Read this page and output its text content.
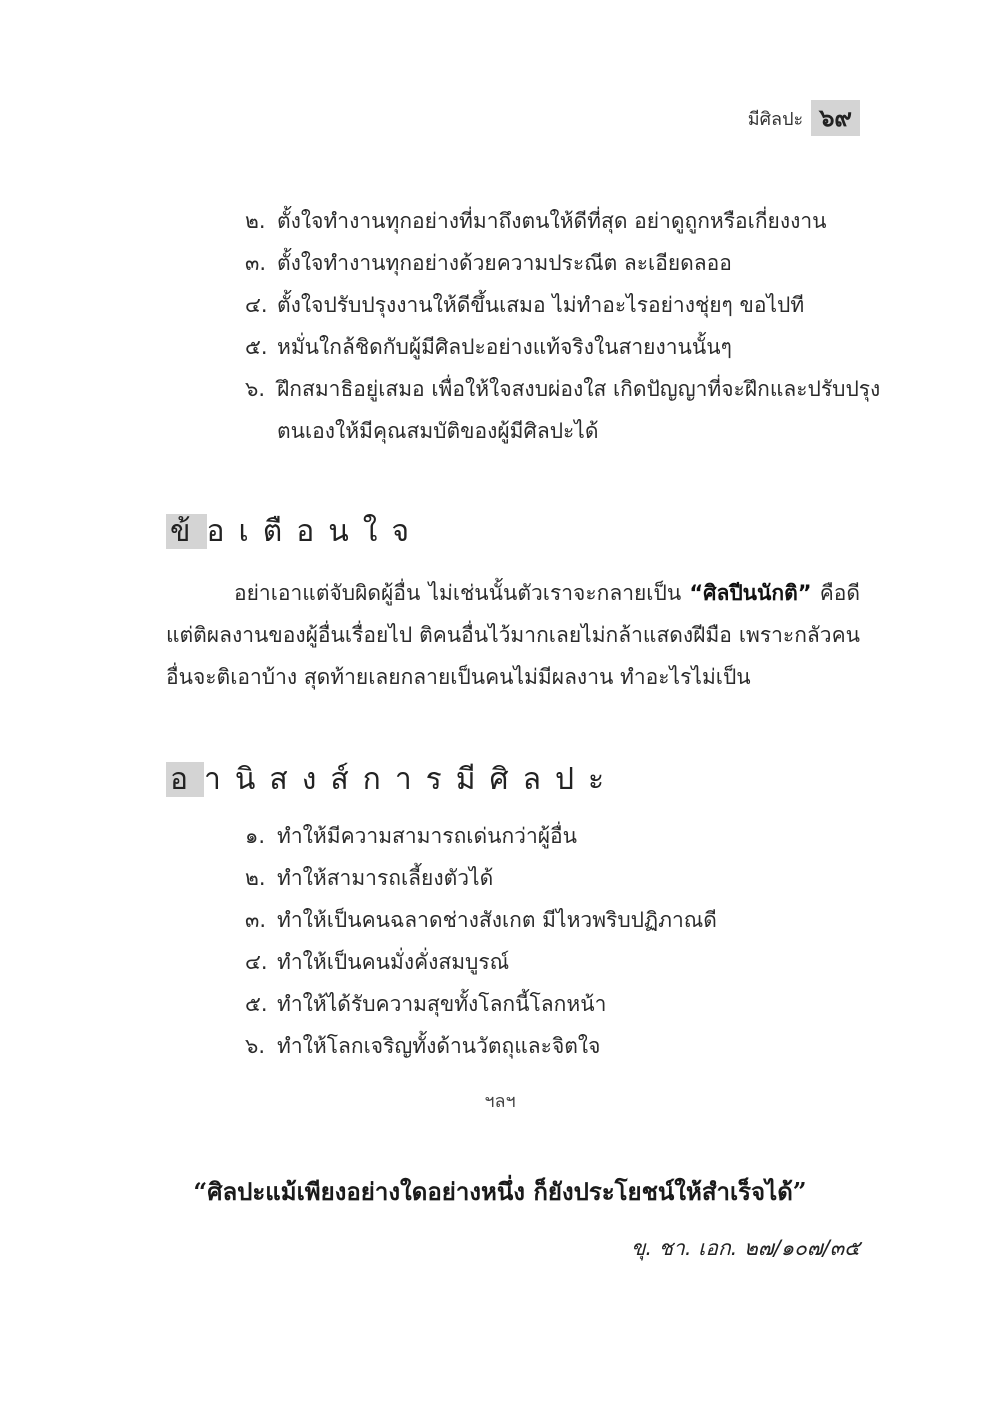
มีศิลปะ ๖๙
๒. ตั้งใจทำงานทุกอย่างที่มาถึงตนให้ดีที่สุด อย่าดูถูกหรือเกี่ยงงาน
๓. ตั้งใจทำงานทุกอย่างด้วยความประณีต ละเอียดลออ
๔. ตั้งใจปรับปรุงงานให้ดีขึ้นเสมอ ไม่ทำอะไรอย่างชุ่ยๆ ขอไปที
๕. หมั่นใกล้ชิดกับผู้มีศิลปะอย่างแท้จริงในสายงานนั้นๆ
๖. ฝึกสมาธิอยู่เสมอ เพื่อให้ใจสงบผ่องใส เกิดปัญญาที่จะฝึกและปรับปรุง
ตนเองให้มีคุณสมบัติของผู้มีศิลปะได้
ข้อเตือนใจ

อย่าเอาแต่จับผิดผู้อื่น ไม่เช่นนั้นตัวเราจะกลายเป็น “ศิลปีนนักติ” คือดีแต่ติผลงานของผู้อื่นเรื่อยไป ติคนอื่นไว้มากเลยไม่กล้าแสดงฝีมือ เพราะกลัวคนอื่นจะติเอาบ้าง สุดท้ายเลยกลายเป็นคนไม่มีผลงาน ทำอะไรไม่เป็น

อานิสงส์การมีศิลปะ
๑. ทำให้มีความสามารถเด่นกว่าผู้อื่น
๒. ทำให้สามารถเลี้ยงตัวได้
๓. ทำให้เป็นคนฉลาดช่างสังเกต มีไหวพริบปฏิภาณดี
๔. ทำให้เป็นคนมั่งคั่งสมบูรณ์
๕. ทำให้ได้รับความสุขทั้งโลกนี้โลกหน้า
๖. ทำให้โลกเจริญทั้งด้านวัตถุและจิตใจ
ฯลฯ
“ศิลปะแม้เพียงอย่างใดอย่างหนึ่ง ก็ยังประโยชน์ให้สำเร็จได้”
ขุ. ชา. เอก. ๒๗/๑๐๗/๓๕
